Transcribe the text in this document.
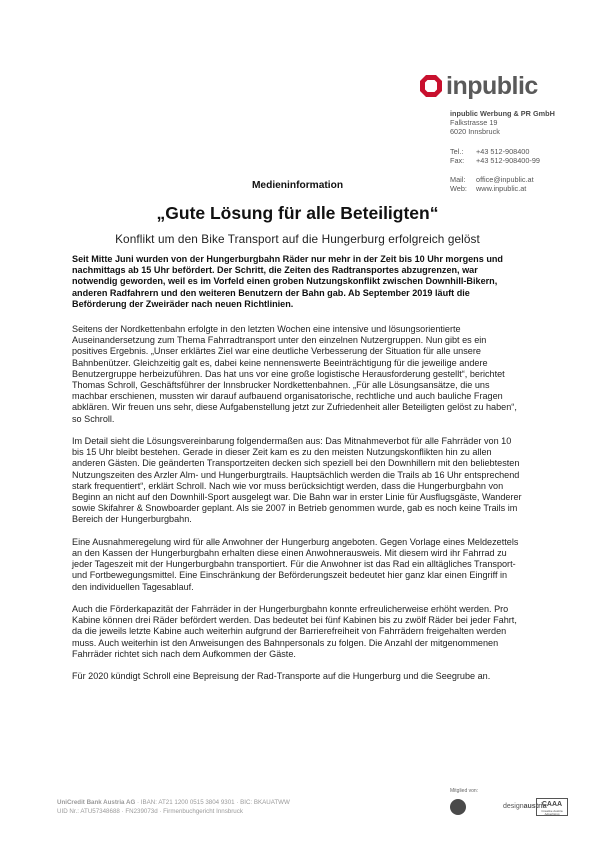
inpublic
inpublic Werbung & PR GmbH
Falkstrasse 19
6020 Innsbruck
Tel.: +43 512-908400
Fax: +43 512-908400-99
Mail: office@inpublic.at
Web: www.inpublic.at
Medieninformation
„Gute Lösung für alle Beteiligten“
Konflikt um den Bike Transport auf die Hungerburg erfolgreich gelöst

Seit Mitte Juni wurden von der Hungerburgbahn Räder nur mehr in der Zeit bis 10 Uhr morgens und nachmittags ab 15 Uhr befördert. Der Schritt, die Zeiten des Radtransportes abzugrenzen, war notwendig geworden, weil es im Vorfeld einen groben Nutzungskonflikt zwischen Downhill-Bikern, anderen Radfahrern und den weiteren Benutzern der Bahn gab. Ab September 2019 läuft die Beförderung der Zweiräder nach neuen Richtlinien.

Seitens der Nordkettenbahn erfolgte in den letzten Wochen eine intensive und lösungsorientierte Auseinandersetzung zum Thema Fahrradtransport unter den einzelnen Nutzergruppen. Nun gibt es ein positives Ergebnis. „Unser erklärtes Ziel war eine deutliche Verbesserung der Situation für alle unsere Bahnbenützer. Gleichzeitig galt es, dabei keine nennenswerte Beeinträchtigung für die jeweilige andere Benutzergruppe herbeizuführen. Das hat uns vor eine große logistische Herausforderung gestellt“, berichtet Thomas Schroll, Geschäftsführer der Innsbrucker Nordkettenbahnen. „Für alle Lösungsansätze, die uns machbar erschienen, mussten wir darauf aufbauend organisatorische, rechtliche und auch bauliche Fragen abklären. Wir freuen uns sehr, diese Aufgabenstellung jetzt zur Zufriedenheit aller Beteiligten gelöst zu haben“, so Schroll.

Im Detail sieht die Lösungsvereinbarung folgendermaßen aus: Das Mitnahmeverbot für alle Fahrräder von 10 bis 15 Uhr bleibt bestehen. Gerade in dieser Zeit kam es zu den meisten Nutzungskonflikten hin zu allen anderen Gästen. Die geänderten Transportzeiten decken sich speziell bei den Downhillern mit den beliebtesten Nutzungszeiten des Arzler Alm- und Hungerburgtrails. Hauptsächlich werden die Trails ab 16 Uhr entsprechend stark frequentiert“, erklärt Schroll. Nach wie vor muss berücksichtigt werden, dass die Hungerburgbahn von Beginn an nicht auf den Downhill-Sport ausgelegt war. Die Bahn war in erster Linie für Ausflugsgäste, Wanderer sowie Skifahrer & Snowboarder geplant. Als sie 2007 in Betrieb genommen wurde, gab es noch keine Trails im Bereich der Hungerburgbahn.

Eine Ausnahmeregelung wird für alle Anwohner der Hungerburg angeboten. Gegen Vorlage eines Meldezettels an den Kassen der Hungerburgbahn erhalten diese einen Anwohnerausweis. Mit diesem wird ihr Fahrrad zu jeder Tageszeit mit der Hungerburgbahn transportiert. Für die Anwohner ist das Rad ein alltägliches Transport- und Fortbewegungsmittel. Eine Einschränkung der Beförderungszeit bedeutet hier ganz klar einen Eingriff in den individuellen Tagesablauf.

Auch die Förderkapazität der Fahrräder in der Hungerburgbahn konnte erfreulicherweise erhöht werden. Pro Kabine können drei Räder befördert werden. Das bedeutet bei fünf Kabinen bis zu zwölf Räder bei jeder Fahrt, da die jeweils letzte Kabine auch weiterhin aufgrund der Barrierefreiheit von Fahrrädern freigehalten werden muss. Auch weiterhin ist den Anweisungen des Bahnpersonals zu folgen. Die Anzahl der mitgenommenen Fahrräder richtet sich nach dem Aufkommen der Gäste.

Für 2020 kündigt Schroll eine Bepreisung der Rad-Transporte auf die Hungerburg und die Seegrube an.

UniCredit Bank Austria AG · IBAN: AT21 1200 0515 3804 9301 · BIC: BKAUATWW
UID Nr.: ATU57348688 · FN239073d · Firmenbuchgericht Innsbruck
Mitglied von:
designaustria
CAAA
Creative Austria Advertising
